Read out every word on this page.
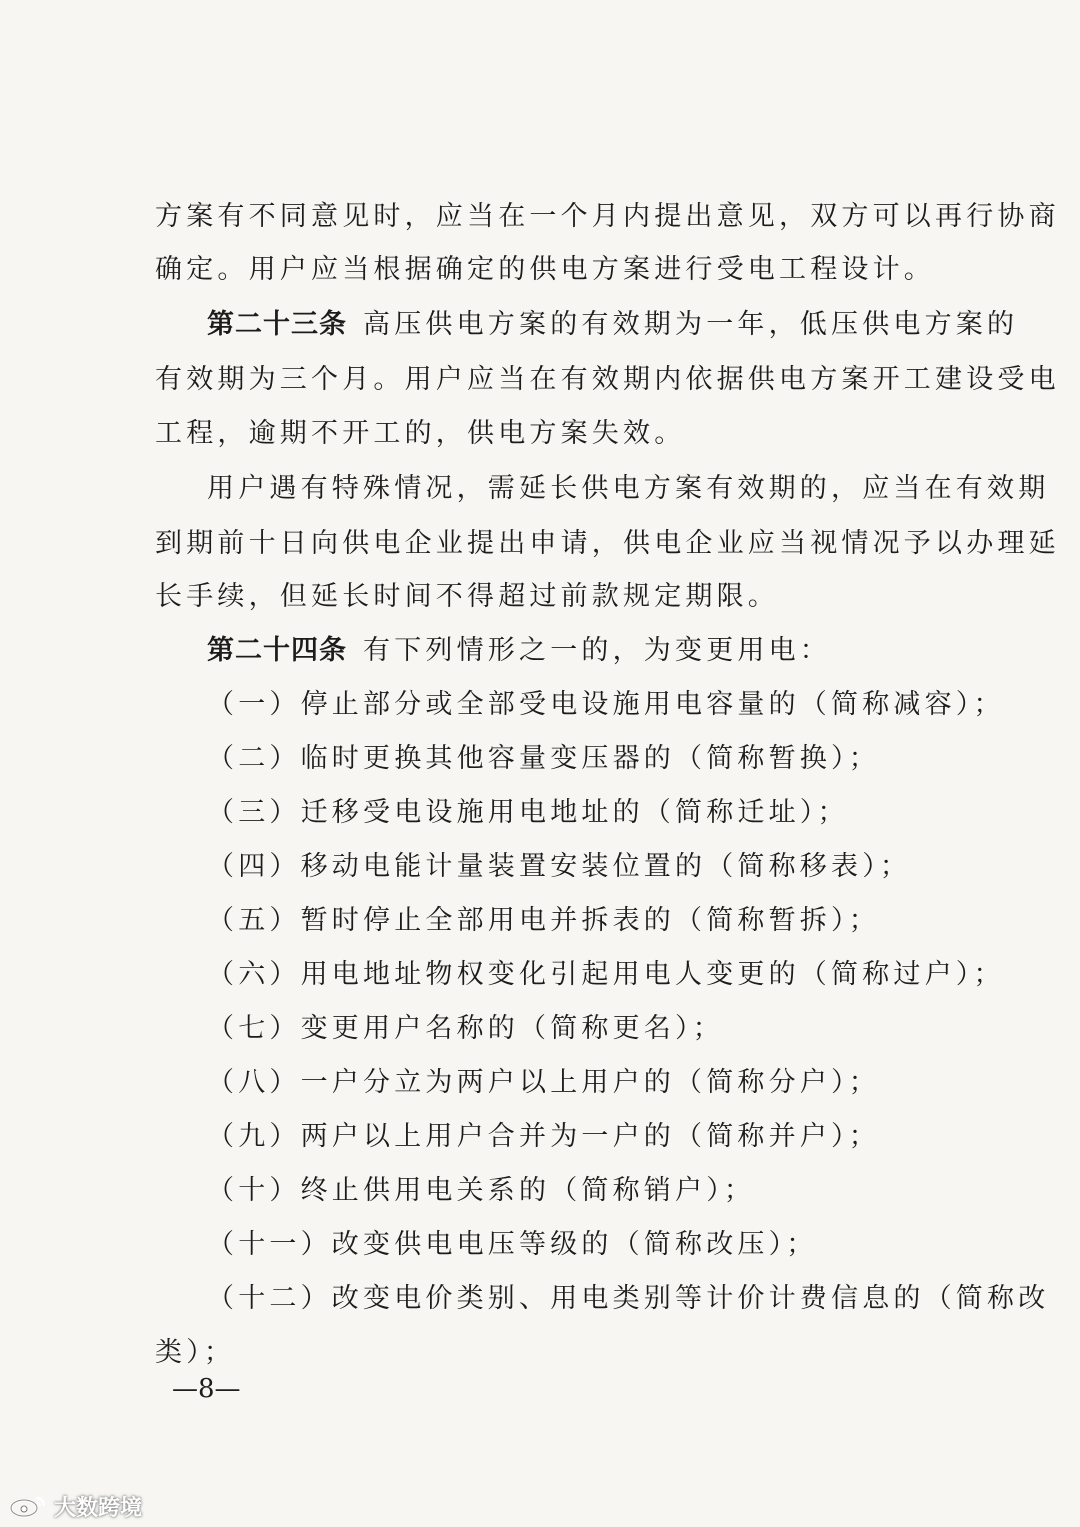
方案有不同意见时，应当在一个月内提出意见，双方可以再行协商
确定。用户应当根据确定的供电方案进行受电工程设计。
第二十三条 高压供电方案的有效期为一年，低压供电方案的
有效期为三个月。用户应当在有效期内依据供电方案开工建设受电
工程，逾期不开工的，供电方案失效。
用户遇有特殊情况，需延长供电方案有效期的，应当在有效期
到期前十日向供电企业提出申请，供电企业应当视情况予以办理延
长手续，但延长时间不得超过前款规定期限。
第二十四条 有下列情形之一的，为变更用电：
（一）停止部分或全部受电设施用电容量的（简称减容）；
（二）临时更换其他容量变压器的（简称暂换）；
（三）迁移受电设施用电地址的（简称迁址）；
（四）移动电能计量装置安装位置的（简称移表）；
（五）暂时停止全部用电并拆表的（简称暂拆）；
（六）用电地址物权变化引起用电人变更的（简称过户）；
（七）变更用户名称的（简称更名）；
（八）一户分立为两户以上用户的（简称分户）；
（九）两户以上用户合并为一户的（简称并户）；
（十）终止供用电关系的（简称销户）；
（十一）改变供电电压等级的（简称改压）；
（十二）改变电价类别、用电类别等计价计费信息的（简称改
类）；
—8—
大数跨境
